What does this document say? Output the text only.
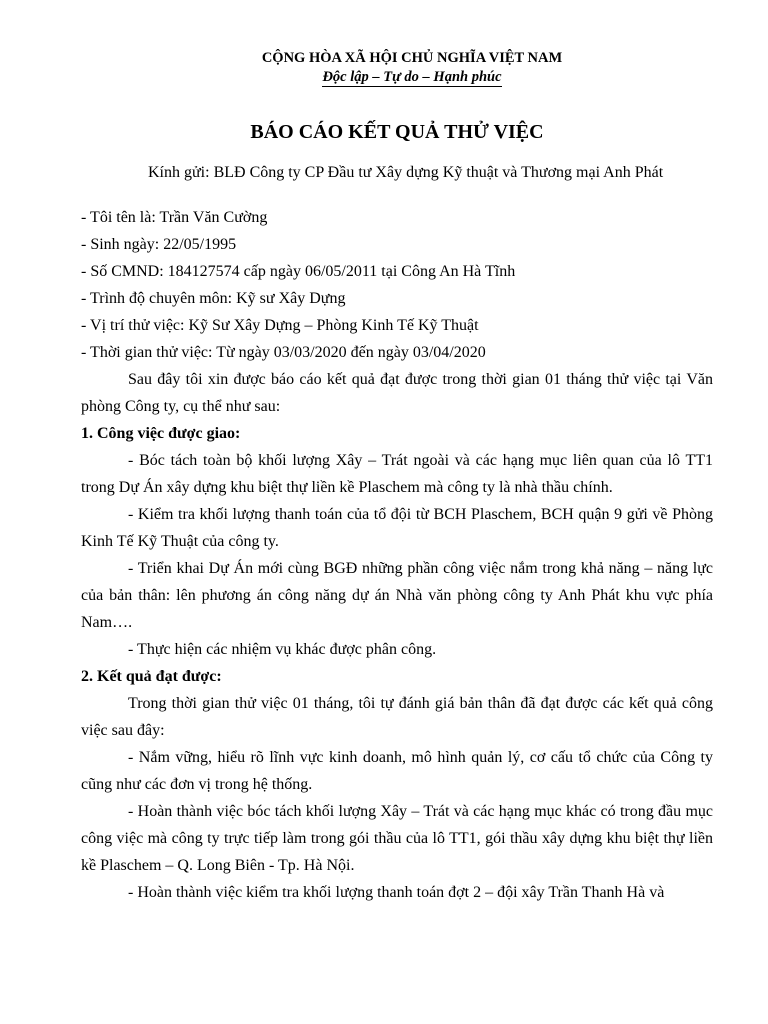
CỘNG HÒA XÃ HỘI CHỦ NGHĨA VIỆT NAM
Độc lập – Tự do – Hạnh phúc
BÁO CÁO KẾT QUẢ THỬ VIỆC
Kính gửi: BLĐ Công ty CP Đầu tư Xây dựng Kỹ thuật và Thương mại Anh Phát
- Tôi tên là: Trần Văn Cường
- Sinh ngày: 22/05/1995
- Số CMND: 184127574 cấp ngày 06/05/2011 tại Công An Hà Tĩnh
- Trình độ chuyên môn: Kỹ sư Xây Dựng
- Vị trí thử việc: Kỹ Sư Xây Dựng – Phòng Kinh Tế Kỹ Thuật
- Thời gian thử việc: Từ ngày 03/03/2020 đến ngày 03/04/2020
Sau đây tôi xin được báo cáo kết quả đạt được trong thời gian 01 tháng thử việc tại Văn phòng Công ty, cụ thể như sau:
1. Công việc được giao:
- Bóc tách toàn bộ khối lượng Xây – Trát ngoài và các hạng mục liên quan của lô TT1 trong Dự Án xây dựng khu biệt thự liền kề Plaschem mà công ty là nhà thầu chính.
- Kiểm tra khối lượng thanh toán của tổ đội từ BCH Plaschem, BCH quận 9 gửi về Phòng Kinh Tế Kỹ Thuật của công ty.
- Triển khai Dự Án mới cùng BGĐ những phần công việc nắm trong khả năng – năng lực của bản thân: lên phương án công năng dự án Nhà văn phòng công ty Anh Phát khu vực phía Nam….
- Thực hiện các nhiệm vụ khác được phân công.
2. Kết quả đạt được:
Trong thời gian thử việc 01 tháng, tôi tự đánh giá bản thân đã đạt được các kết quả công việc sau đây:
- Nắm vững, hiểu rõ lĩnh vực kinh doanh, mô hình quản lý, cơ cấu tổ chức của Công ty cũng như các đơn vị trong hệ thống.
- Hoàn thành việc bóc tách khối lượng Xây – Trát và các hạng mục khác có trong đầu mục công việc mà công ty trực tiếp làm trong gói thầu của lô TT1, gói thầu xây dựng khu biệt thự liền kề Plaschem – Q. Long Biên - Tp. Hà Nội.
- Hoàn thành việc kiểm tra khối lượng thanh toán đợt 2 – đội xây Trần Thanh Hà và
